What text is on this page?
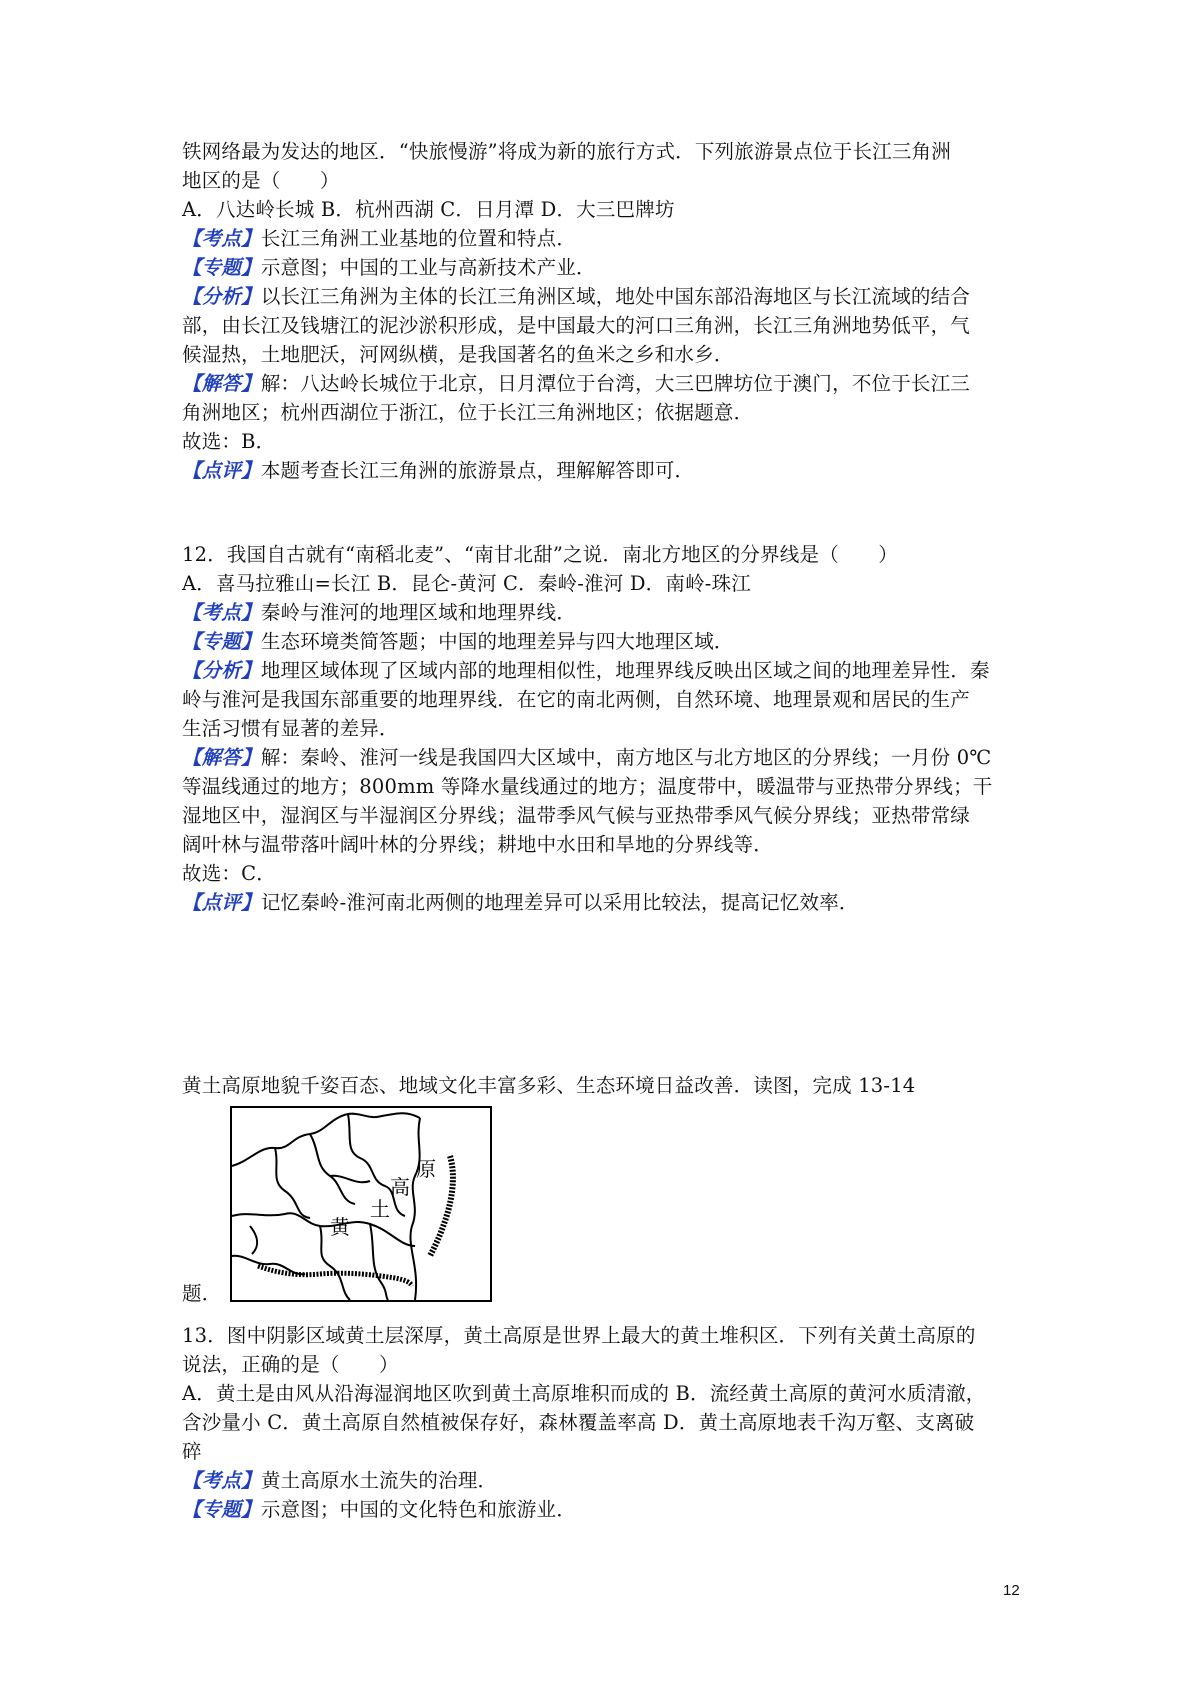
铁网络最为发达的地区．“快旅慢游”将成为新的旅行方式．下列旅游景点位于长江三角洲
地区的是（　　）
A．八达岭长城 B．杭州西湖 C．日月潭 D．大三巴牌坊
【考点】长江三角洲工业基地的位置和特点．
【专题】示意图；中国的工业与高新技术产业．
【分析】以长江三角洲为主体的长江三角洲区域，地处中国东部沿海地区与长江流域的结合
部，由长江及钱塘江的泥沙淤积形成，是中国最大的河口三角洲，长江三角洲地势低平，气
候湿热，土地肥沃，河网纵横，是我国著名的鱼米之乡和水乡．
【解答】解：八达岭长城位于北京，日月潭位于台湾，大三巴牌坊位于澳门，不位于长江三
角洲地区；杭州西湖位于浙江，位于长江三角洲地区；依据题意．
故选：B．
【点评】本题考查长江三角洲的旅游景点，理解解答即可．
12．我国自古就有“南稻北麦”、“南甘北甜”之说．南北方地区的分界线是（　　）
A．喜马拉雅山=长江 B．昆仑-黄河 C．秦岭-淮河 D．南岭-珠江
【考点】秦岭与淮河的地理区域和地理界线．
【专题】生态环境类简答题；中国的地理差异与四大地理区域．
【分析】地理区域体现了区域内部的地理相似性，地理界线反映出区域之间的地理差异性．秦
岭与淮河是我国东部重要的地理界线．在它的南北两侧，自然环境、地理景观和居民的生产
生活习惯有显著的差异．
【解答】解：秦岭、淮河一线是我国四大区域中，南方地区与北方地区的分界线；一月份 0℃
等温线通过的地方；800mm 等降水量线通过的地方；温度带中，暖温带与亚热带分界线；干
湿地区中，湿润区与半湿润区分界线；温带季风气候与亚热带季风气候分界线；亚热带常绿
阔叶林与温带落叶阔叶林的分界线；耕地中水田和旱地的分界线等．
故选：C．
【点评】记忆秦岭-淮河南北两侧的地理差异可以采用比较法，提高记忆效率．
黄土高原地貌千姿百态、地域文化丰富多彩、生态环境日益改善．读图，完成 13-14
题．
13．图中阴影区域黄土层深厚，黄土高原是世界上最大的黄土堆积区．下列有关黄土高原的
说法，正确的是（　　）
A．黄土是由风从沿海湿润地区吹到黄土高原堆积而成的 B．流经黄土高原的黄河水质清澈，
含沙量小 C．黄土高原自然植被保存好，森林覆盖率高 D．黄土高原地表千沟万壑、支离破
碎
【考点】黄土高原水土流失的治理．
【专题】示意图；中国的文化特色和旅游业．
黄
土
高
原
12
